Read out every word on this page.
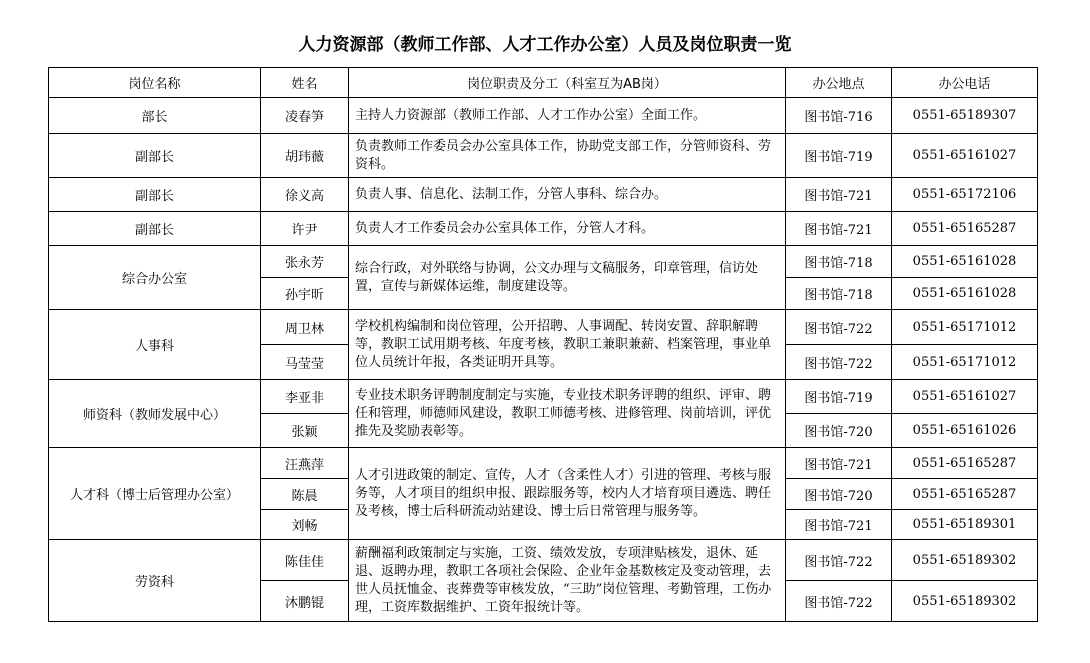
人力资源部（教师工作部、人才工作办公室）人员及岗位职责一览
岗位名称	姓名	岗位职责及分工（科室互为AB岗）	办公地点	办公电话
部长	凌春笋	主持人力资源部（教师工作部、人才工作办公室）全面工作。	图书馆-716	0551-65189307
副部长	胡玮薇	负责教师工作委员会办公室具体工作，协助党支部工作，分管师资科、劳资科。	图书馆-719	0551-65161027
副部长	徐义高	负责人事、信息化、法制工作，分管人事科、综合办。	图书馆-721	0551-65172106
副部长	许尹	负责人才工作委员会办公室具体工作，分管人才科。	图书馆-721	0551-65165287
综合办公室	张永芳	综合行政，对外联络与协调，公文办理与文稿服务，印章管理，信访处置，宣传与新媒体运维，制度建设等。	图书馆-718	0551-65161028
	孙宇昕		图书馆-718	0551-65161028
人事科	周卫林	学校机构编制和岗位管理，公开招聘、人事调配、转岗安置、辞职解聘等，教职工试用期考核、年度考核，教职工兼职兼薪、档案管理，事业单位人员统计年报，各类证明开具等。	图书馆-722	0551-65171012
	马莹莹		图书馆-722	0551-65171012
师资科（教师发展中心）	李亚非	专业技术职务评聘制度制定与实施，专业技术职务评聘的组织、评审、聘任和管理，师德师风建设，教职工师德考核、进修管理、岗前培训，评优推先及奖励表彰等。	图书馆-719	0551-65161027
	张颖		图书馆-720	0551-65161026
人才科（博士后管理办公室）	汪燕萍	人才引进政策的制定、宣传，人才（含柔性人才）引进的管理、考核与服务等，人才项目的组织申报、跟踪服务等，校内人才培育项目遴选、聘任及考核，博士后科研流动站建设、博士后日常管理与服务等。	图书馆-721	0551-65165287
	陈晨		图书馆-720	0551-65165287
	刘畅		图书馆-721	0551-65189301
劳资科	陈佳佳	薪酬福利政策制定与实施，工资、绩效发放，专项津贴核发，退休、延退、返聘办理，教职工各项社会保险、企业年金基数核定及变动管理，去世人员抚恤金、丧葬费等审核发放，“三助”岗位管理、考勤管理，工伤办理，工资库数据维护、工资年报统计等。	图书馆-722	0551-65189302
	沐鹏锟		图书馆-722	0551-65189302
